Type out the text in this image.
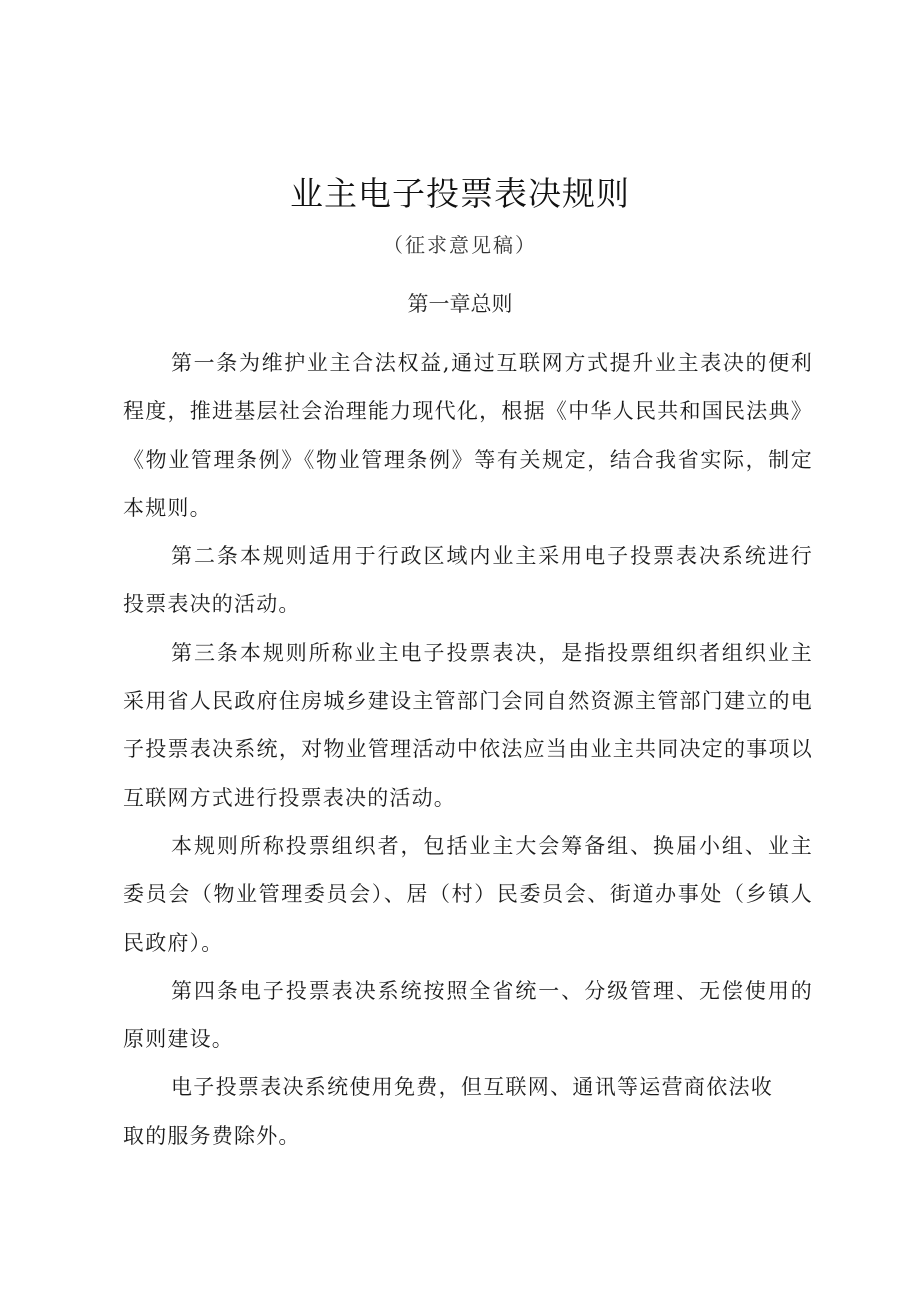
业主电子投票表决规则
（征求意见稿）
第一章总则

第一条为维护业主合法权益,通过互联网方式提升业主表决的便利程度，推进基层社会治理能力现代化，根据《中华人民共和国民法典》《物业管理条例》《物业管理条例》等有关规定，结合我省实际，制定本规则。

第二条本规则适用于行政区域内业主采用电子投票表决系统进行投票表决的活动。

第三条本规则所称业主电子投票表决，是指投票组织者组织业主采用省人民政府住房城乡建设主管部门会同自然资源主管部门建立的电子投票表决系统，对物业管理活动中依法应当由业主共同决定的事项以互联网方式进行投票表决的活动。

本规则所称投票组织者，包括业主大会筹备组、换届小组、业主委员会（物业管理委员会）、居（村）民委员会、街道办事处（乡镇人民政府）。

第四条电子投票表决系统按照全省统一、分级管理、无偿使用的原则建设。

电子投票表决系统使用免费，但互联网、通讯等运营商依法收取的服务费除外。
